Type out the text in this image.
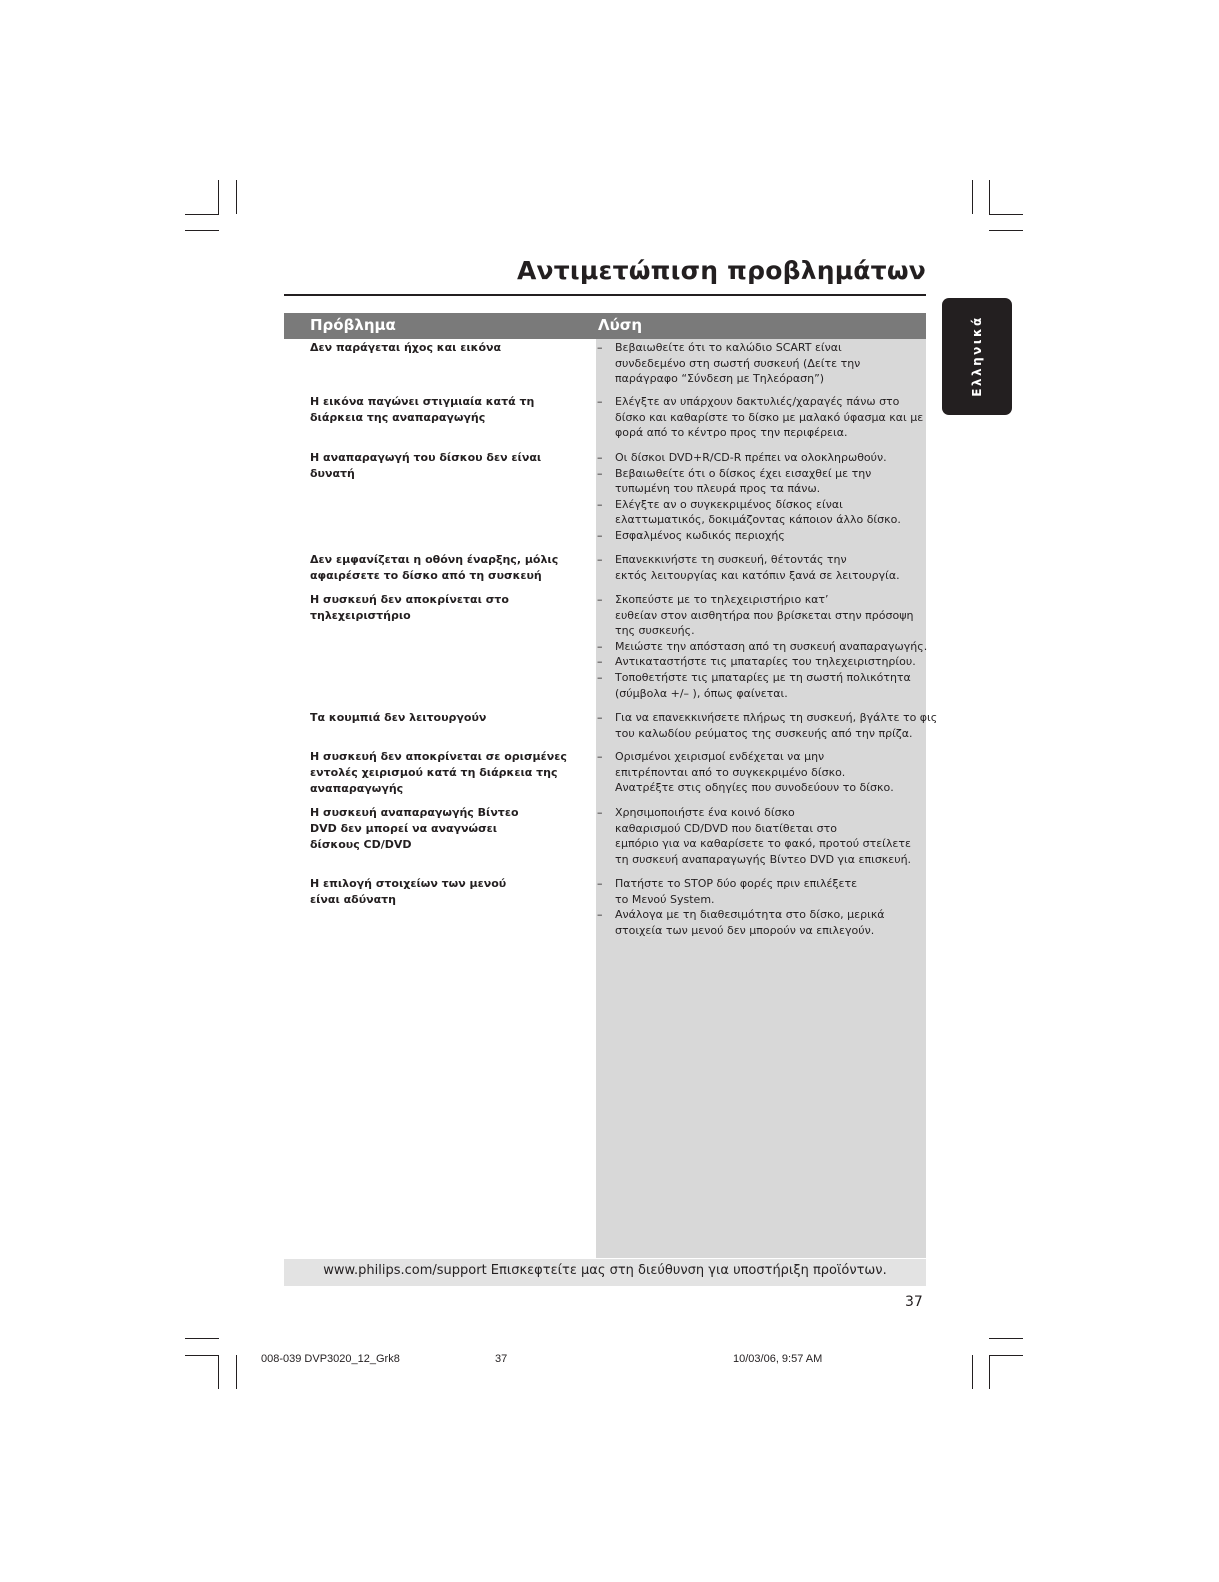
Αντιμετώπιση προβλημάτων
Ελληνικά
Πρόβλημα	Λύση
Δεν παράγεται ήχος και εικόνα	– Βεβαιωθείτε ότι το καλώδιο SCART είναι
συνδεδεμένο στη σωστή συσκευή (Δείτε την
παράγραφο “Σύνδεση με Τηλεόραση”)
Η εικόνα παγώνει στιγμιαία κατά τη
διάρκεια της αναπαραγωγής
– Ελέγξτε αν υπάρχουν δακτυλιές/χαραγές πάνω στο
δίσκο και καθαρίστε το δίσκο με μαλακό ύφασμα και με
φορά από το κέντρο προς την περιφέρεια.
Η αναπαραγωγή του δίσκου δεν είναι
δυνατή
– Οι δίσκοι DVD+R/CD-R πρέπει να ολοκληρωθούν.
– Βεβαιωθείτε ότι ο δίσκος έχει εισαχθεί με την
τυπωμένη του πλευρά προς τα πάνω.
– Ελέγξτε αν ο συγκεκριμένος δίσκος είναι
ελαττωματικός, δοκιμάζοντας κάποιον άλλο δίσκο.
– Εσφαλμένος κωδικός περιοχής
Δεν εμφανίζεται η οθόνη έναρξης, μόλις
αφαιρέσετε το δίσκο από τη συσκευή
– Επανεκκινήστε τη συσκευή, θέτοντάς την
εκτός λειτουργίας και κατόπιν ξανά σε λειτουργία.
Η συσκευή δεν αποκρίνεται στο
τηλεχειριστήριο
– Σκοπεύστε με το τηλεχειριστήριο κατ’
ευθείαν στον αισθητήρα που βρίσκεται στην πρόσοψη
της συσκευής.
– Μειώστε την απόσταση από τη συσκευή αναπαραγωγής.
– Αντικαταστήστε τις μπαταρίες του τηλεχειριστηρίου.
– Τοποθετήστε τις μπαταρίες με τη σωστή πολικότητα
(σύμβολα +/– ), όπως φαίνεται.
Τα κουμπιά δεν λειτουργούν	– Για να επανεκκινήσετε πλήρως τη συσκευή, βγάλτε το φις
του καλωδίου ρεύματος της συσκευής από την πρίζα.
Η συσκευή δεν αποκρίνεται σε ορισμένες
εντολές χειρισμού κατά τη διάρκεια της
αναπαραγωγής
– Ορισμένοι χειρισμοί ενδέχεται να μην
επιτρέπονται από το συγκεκριμένο δίσκο.
Ανατρέξτε στις οδηγίες που συνοδεύουν το δίσκο.
Η συσκευή αναπαραγωγής Βίντεο
DVD δεν μπορεί να αναγνώσει
δίσκους CD/DVD
– Χρησιμοποιήστε ένα κοινό δίσκο
καθαρισμού CD/DVD που διατίθεται στο
εμπόριο για να καθαρίσετε το φακό, προτού στείλετε
τη συσκευή αναπαραγωγής Βίντεο DVD για επισκευή.
Η επιλογή στοιχείων των μενού
είναι αδύνατη
– Πατήστε το STOP δύο φορές πριν επιλέξετε
το Μενού System.
– Ανάλογα με τη διαθεσιμότητα στο δίσκο, μερικά
στοιχεία των μενού δεν μπορούν να επιλεγούν.
www.philips.com/support Επισκεφτείτε μας στη διεύθυνση για υποστήριξη προϊόντων.
37
008-039 DVP3020_12_Grk8	37	10/03/06, 9:57 AM
